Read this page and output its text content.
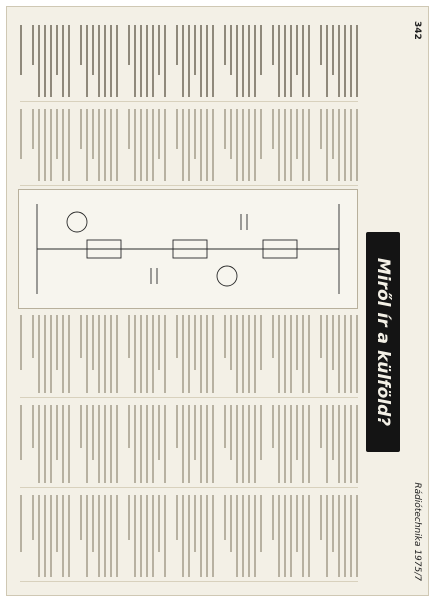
342
Rádiótechnika 1975/7
Miről ír a külföld?
